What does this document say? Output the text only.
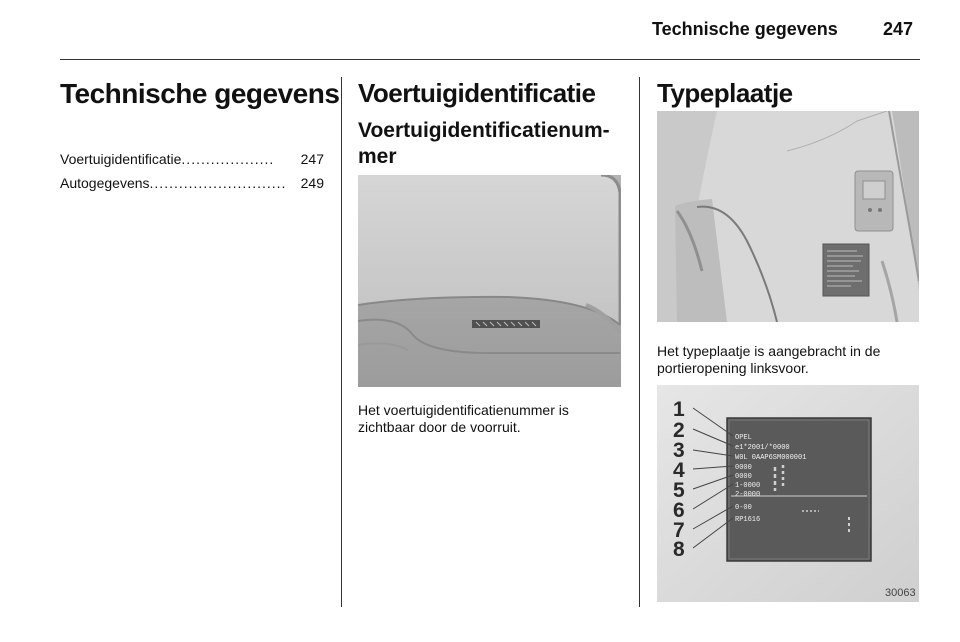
Technische gegevens	247
Technische gegevens
Voertuigidentificatie ...................	247
Autogegevens ............................	249
Voertuigidentificatie
Voertuigidentificatienum-mer
Het voertuigidentificatienummer is zichtbaar door de voorruit.
Typeplaatje
Het typeplaatje is aangebracht in de portieropening linksvoor.
OPEL
e1*2001/*0000
W0L 0AAP6SM000001
0000
0000
1-0000
2-0000
0-00
RP1616
1
2
3
4
5
6
7
8
30063
